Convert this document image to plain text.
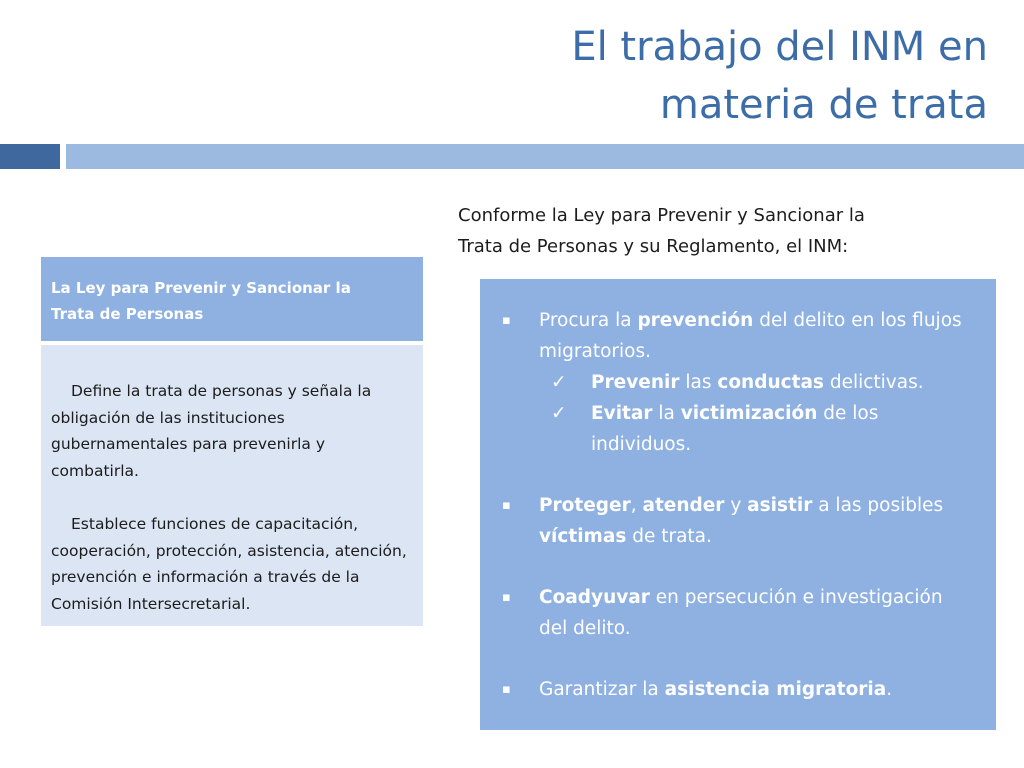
El trabajo del INM en
materia de trata
Conforme la Ley para Prevenir y Sancionar la
Trata de Personas y su Reglamento, el INM:
La Ley para Prevenir y Sancionar la
Trata de Personas

Define la trata de personas y señala la obligación de las instituciones gubernamentales para prevenirla y combatirla.

Establece funciones de capacitación, cooperación, protección, asistencia, atención, prevención e información a través de la Comisión Intersecretarial.

▪ Procura la prevención del delito en los flujos migratorios.
✓ Prevenir las conductas delictivas.
✓ Evitar la victimización de los individuos.
▪ Proteger, atender y asistir a las posibles víctimas de trata.
▪ Coadyuvar en persecución e investigación del delito.
▪ Garantizar la asistencia migratoria.
